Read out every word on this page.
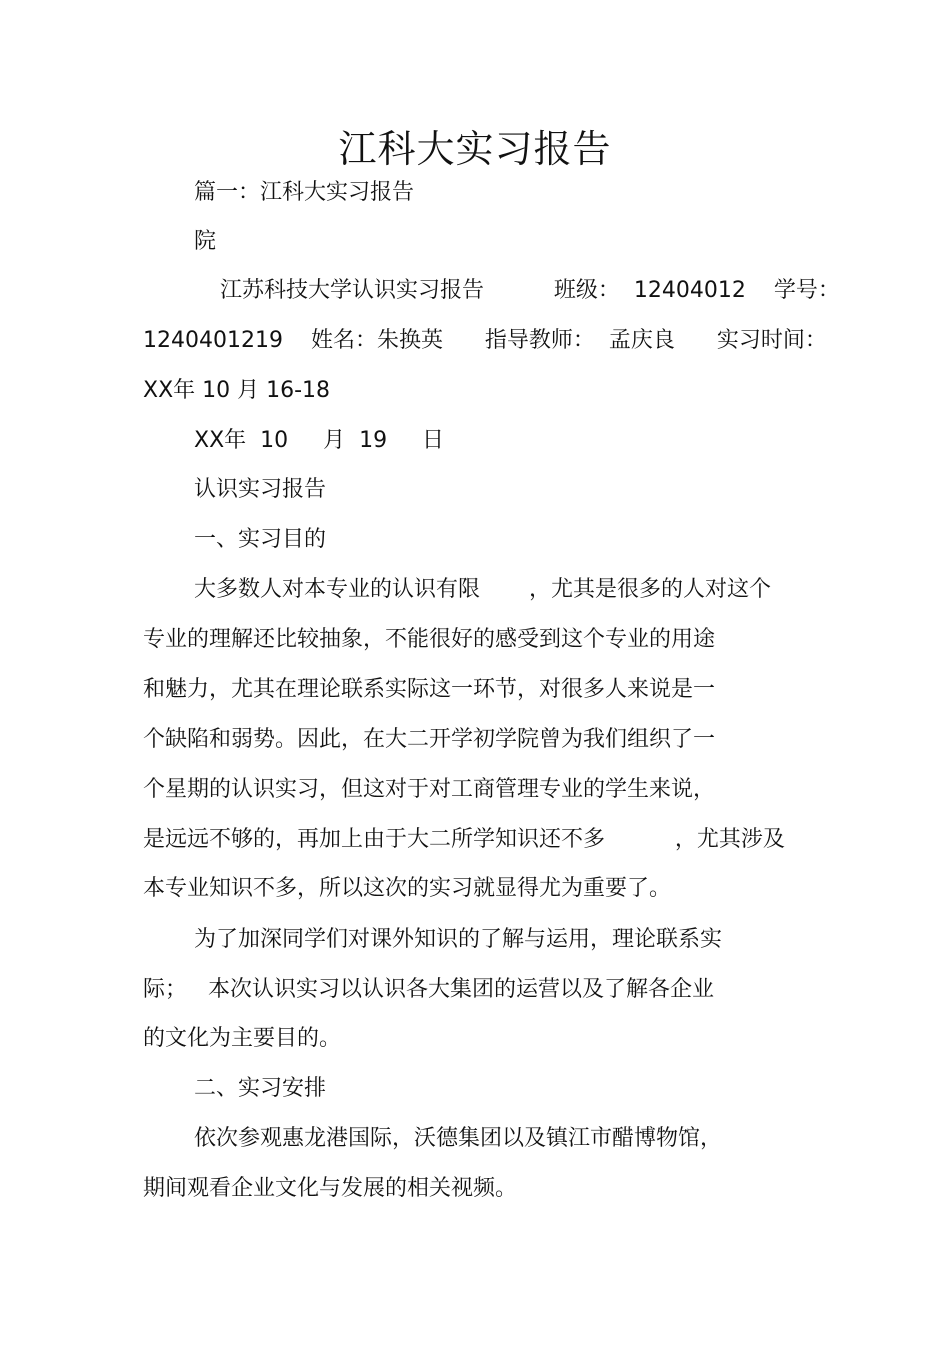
江科大实习报告

篇一：江科大实习报告

院

江苏科技大学认识实习报告          班级：  12404012    学号：

1240401219    姓名：朱换英      指导教师：  孟庆良      实习时间：

XX年 10 月 16-18

XX年  10     月  19     日

认识实习报告

一、实习目的

大多数人对本专业的认识有限       ，尤其是很多的人对这个

专业的理解还比较抽象，不能很好的感受到这个专业的用途

和魅力，尤其在理论联系实际这一环节，对很多人来说是一

个缺陷和弱势。因此，在大二开学初学院曾为我们组织了一

个星期的认识实习，但这对于对工商管理专业的学生来说，

是远远不够的，再加上由于大二所学知识还不多          ，尤其涉及

本专业知识不多，所以这次的实习就显得尤为重要了。

为了加深同学们对课外知识的了解与运用，理论联系实

际；   本次认识实习以认识各大集团的运营以及了解各企业

的文化为主要目的。

二、实习安排

依次参观惠龙港国际，沃德集团以及镇江市醋博物馆，

期间观看企业文化与发展的相关视频。
